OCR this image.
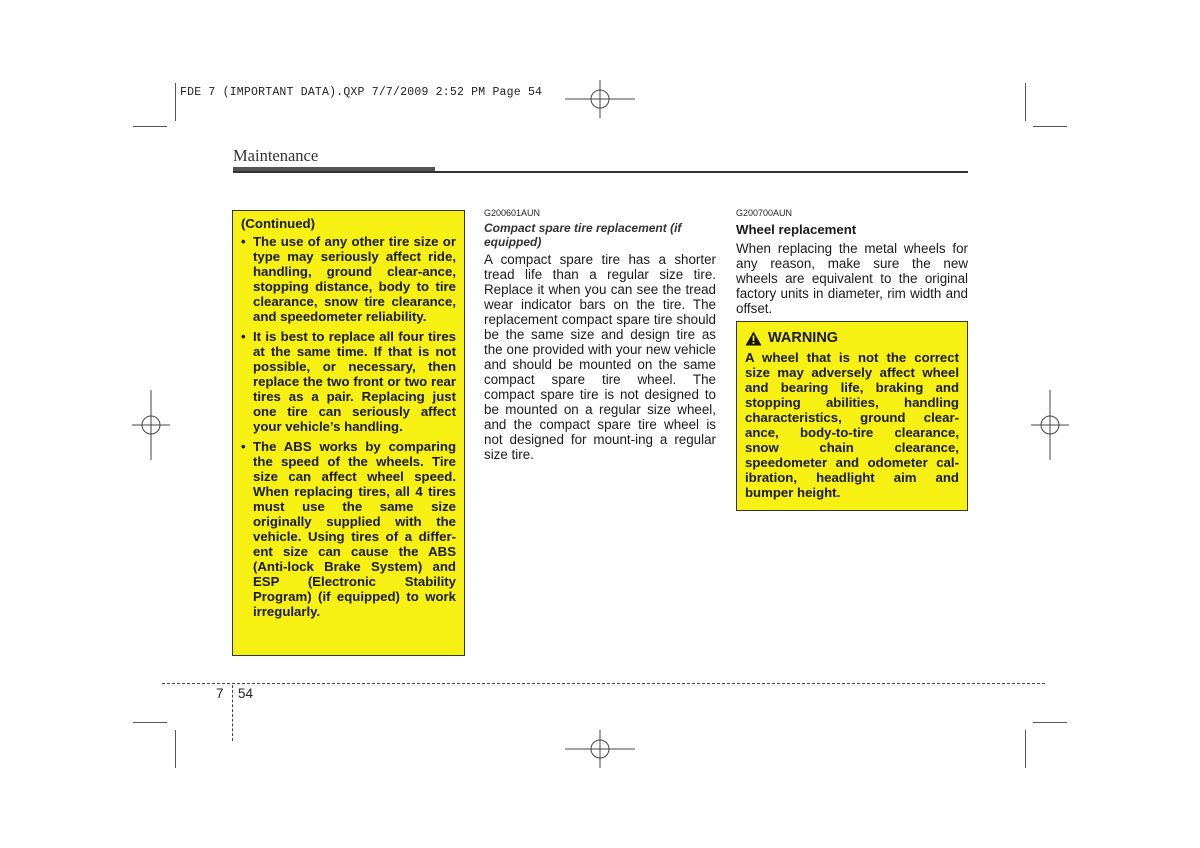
FDE 7 (IMPORTANT DATA).QXP 7/7/2009 2:52 PM Page 54
Maintenance
(Continued)
• The use of any other tire size or type may seriously affect ride, handling, ground clear-ance, stopping distance, body to tire clearance, snow tire clearance, and speedometer reliability.
• It is best to replace all four tires at the same time. If that is not possible, or necessary, then replace the two front or two rear tires as a pair. Replacing just one tire can seriously affect your vehicle’s handling.
• The ABS works by comparing the speed of the wheels. Tire size can affect wheel speed. When replacing tires, all 4 tires must use the same size originally supplied with the vehicle. Using tires of a differ-ent size can cause the ABS (Anti-lock Brake System) and ESP (Electronic Stability Program) (if equipped) to work irregularly.
G200601AUN
Compact spare tire replacement (if equipped)
A compact spare tire has a shorter tread life than a regular size tire. Replace it when you can see the tread wear indicator bars on the tire. The replacement compact spare tire should be the same size and design tire as the one provided with your new vehicle and should be mounted on the same compact spare tire wheel. The compact spare tire is not designed to be mounted on a regular size wheel, and the compact spare tire wheel is not designed for mount-ing a regular size tire.
G200700AUN
Wheel replacement
When replacing the metal wheels for any reason, make sure the new wheels are equivalent to the original factory units in diameter, rim width and offset.
WARNING
A wheel that is not the correct size may adversely affect wheel and bearing life, braking and stopping abilities, handling characteristics, ground clear-ance, body-to-tire clearance, snow chain clearance, speedometer and odometer cal-ibration, headlight aim and bumper height.
7 54
